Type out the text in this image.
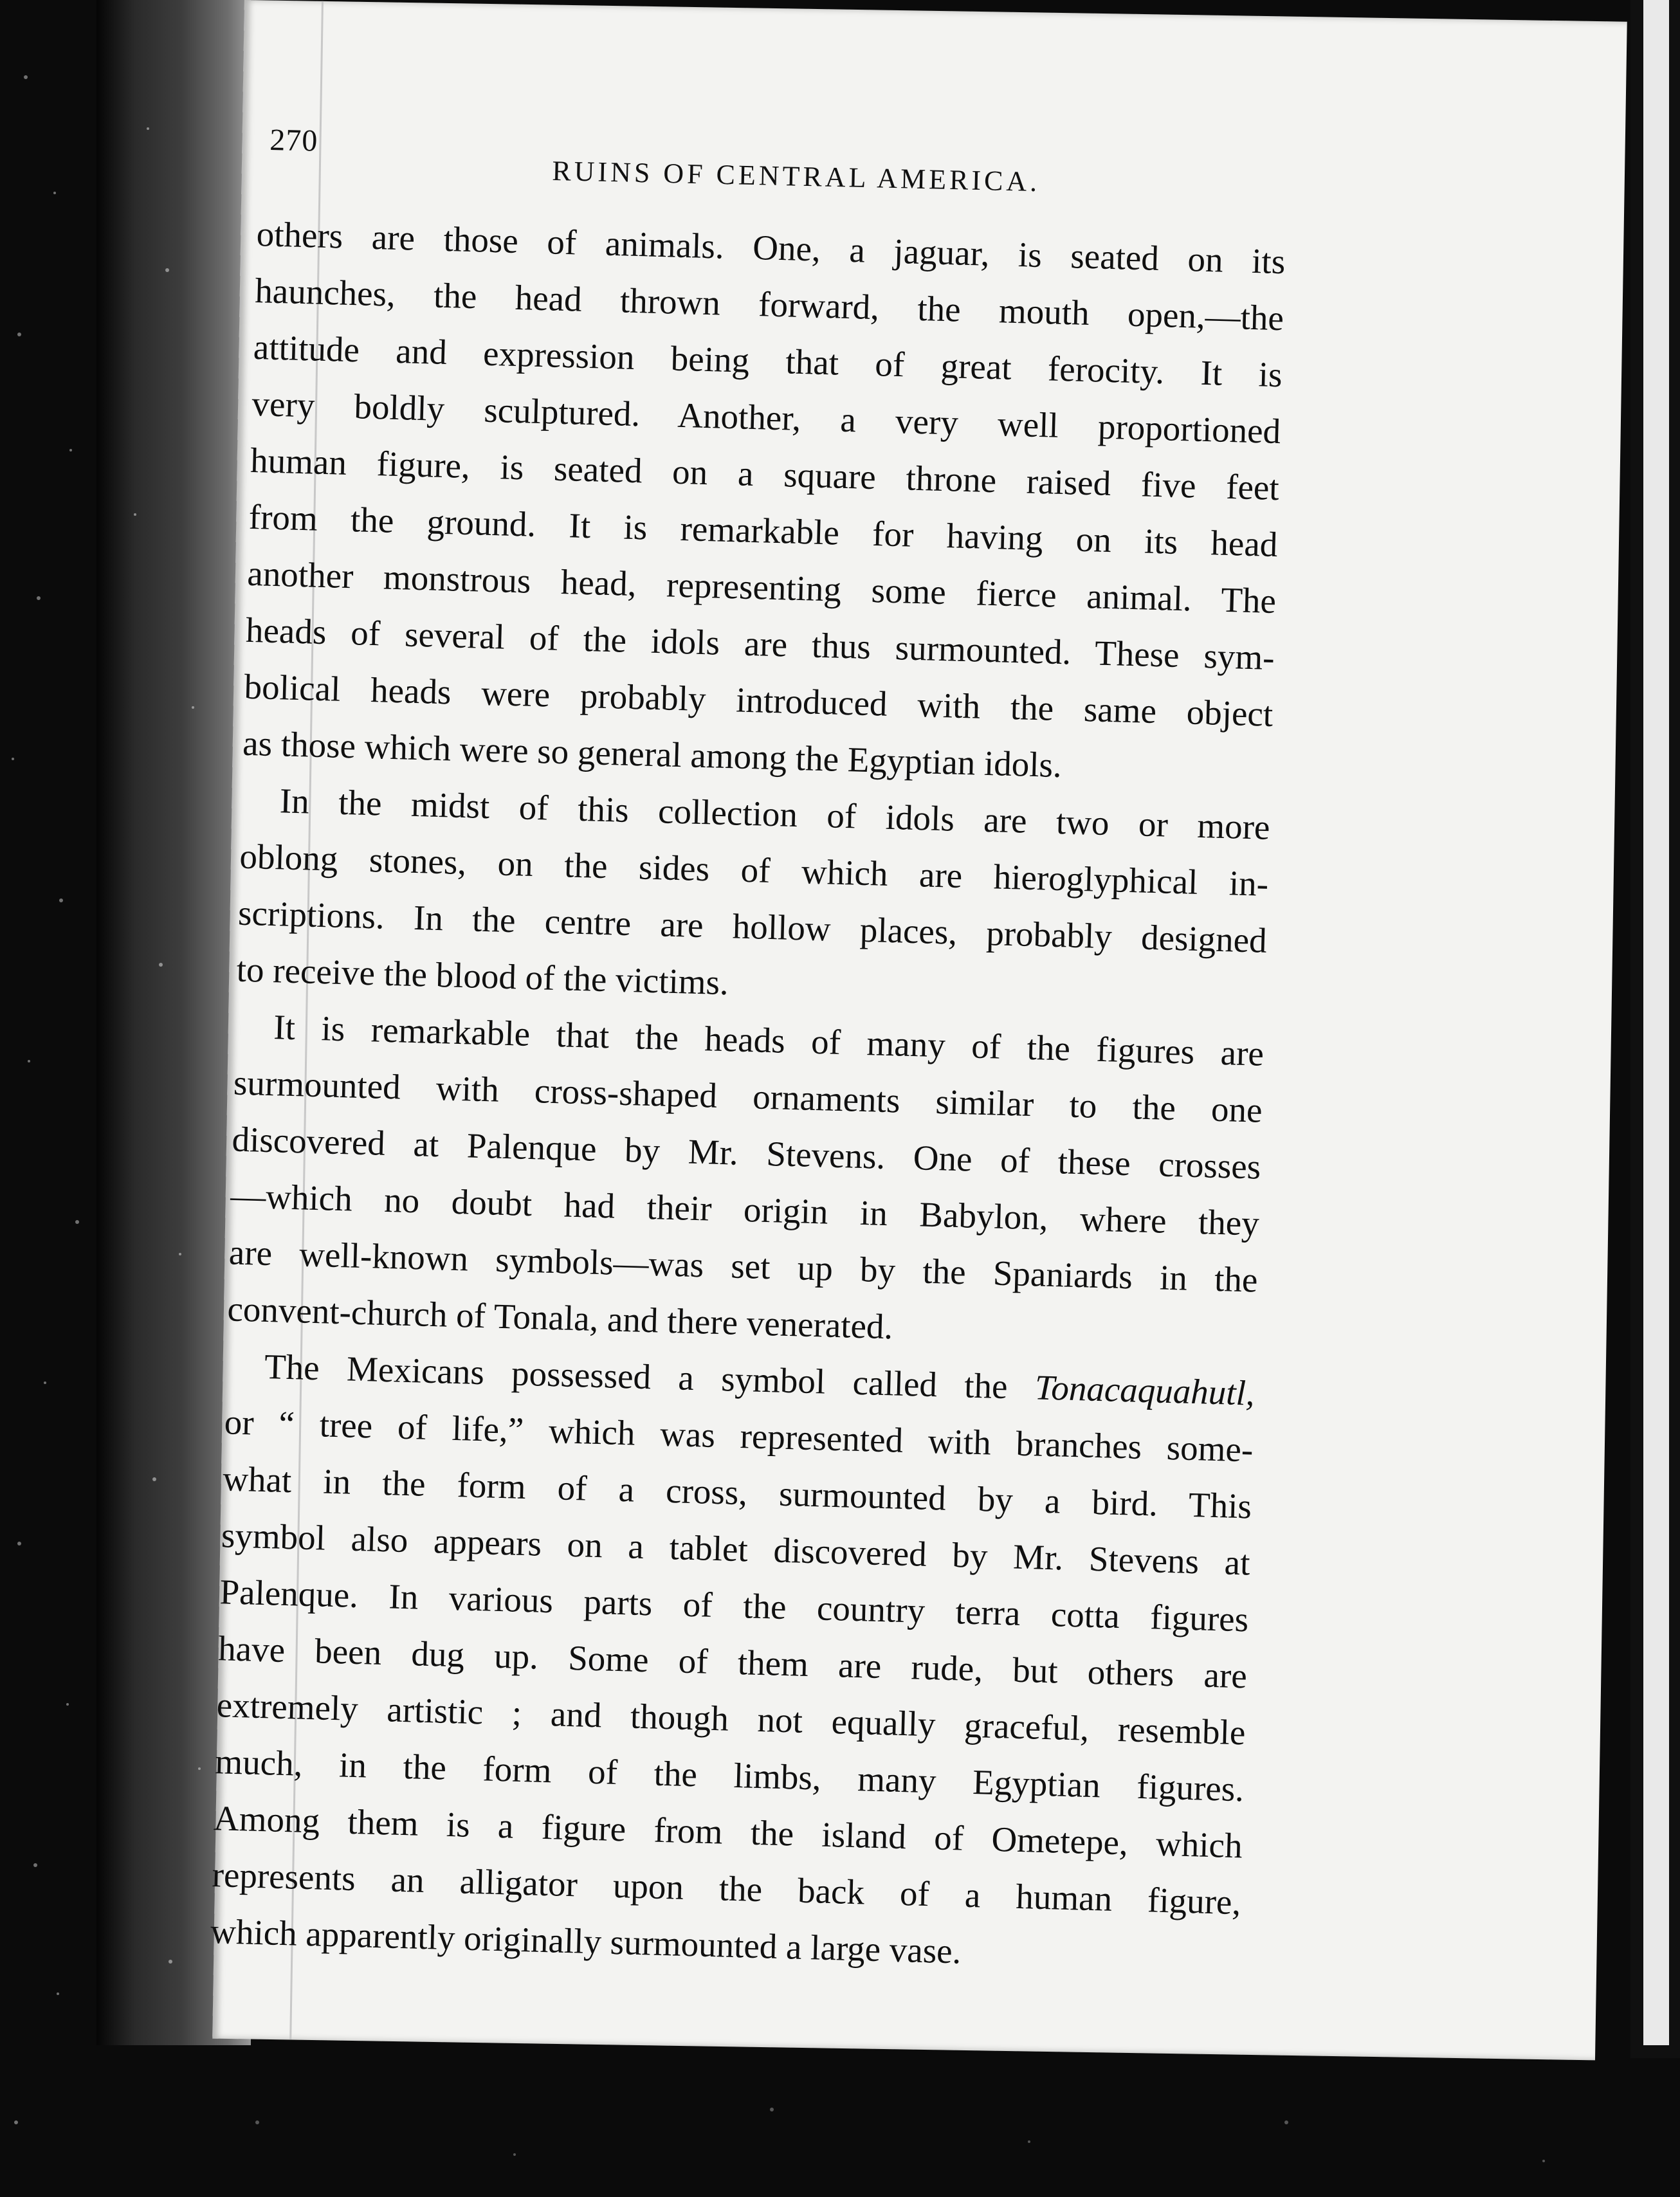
270
RUINS OF CENTRAL AMERICA.

others are those of animals. One, a jaguar, is seated on its
haunches, the head thrown forward, the mouth open,—the
attitude and expression being that of great ferocity. It is
very boldly sculptured. Another, a very well proportioned
human figure, is seated on a square throne raised five feet
from the ground. It is remarkable for having on its head
another monstrous head, representing some fierce animal. The
heads of several of the idols are thus surmounted. These sym-
bolical heads were probably introduced with the same object
as those which were so general among the Egyptian idols.

In the midst of this collection of idols are two or more
oblong stones, on the sides of which are hieroglyphical in-
scriptions. In the centre are hollow places, probably designed
to receive the blood of the victims.

It is remarkable that the heads of many of the figures are
surmounted with cross-shaped ornaments similar to the one
discovered at Palenque by Mr. Stevens. One of these crosses
—which no doubt had their origin in Babylon, where they
are well-known symbols—was set up by the Spaniards in the
convent-church of Tonala, and there venerated.

The Mexicans possessed a symbol called the Tonacaquahutl,
or “ tree of life,” which was represented with branches some-
what in the form of a cross, surmounted by a bird. This
symbol also appears on a tablet discovered by Mr. Stevens at
Palenque. In various parts of the country terra cotta figures
have been dug up. Some of them are rude, but others are
extremely artistic ; and though not equally graceful, resemble
much, in the form of the limbs, many Egyptian figures.
Among them is a figure from the island of Ometepe, which
represents an alligator upon the back of a human figure,
which apparently originally surmounted a large vase.
